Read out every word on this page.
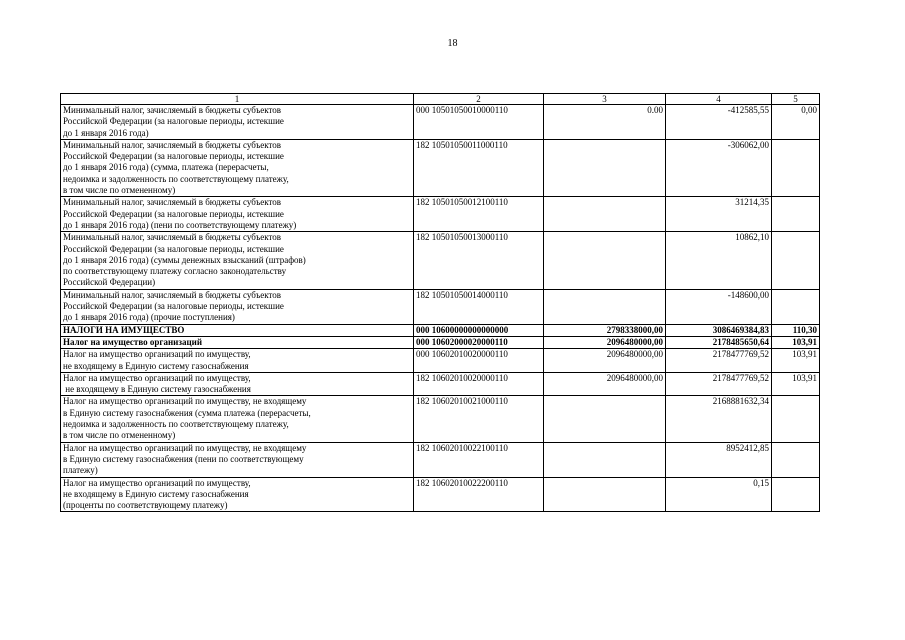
18
1	2	3	4	5
Минимальный налог, зачисляемый в бюджеты субъектов
Российской Федерации (за налоговые периоды, истекшие
до 1 января 2016 года)	000 10501050010000110	0.00	-412585,55	0,00
Минимальный налог, зачисляемый в бюджеты субъектов
Российской Федерации (за налоговые периоды, истекшие
до 1 января 2016 года) (сумма, платежа (перерасчеты,
недоимка и задолженность по соответствующему платежу,
в том числе по отмененному)	182 10501050011000110		-306062,00	
Минимальный налог, зачисляемый в бюджеты субъектов
Российской Федерации (за налоговые периоды, истекшие
до 1 января 2016 года) (пени по соответствующему платежу)	182 10501050012100110		31214,35	
Минимальный налог, зачисляемый в бюджеты субъектов
Российской Федерации (за налоговые периоды, истекшие
до 1 января 2016 года) (суммы денежных взысканий (штрафов)
по соответствующему платежу согласно законодательству
Российской Федерации)	182 10501050013000110		10862,10	
Минимальный налог, зачисляемый в бюджеты субъектов
Российской Федерации (за налоговые периоды, истекшие
до 1 января 2016 года) (прочие поступления)	182 10501050014000110		-148600,00	
НАЛОГИ НА ИМУЩЕСТВО	000 10600000000000000	2798338000,00	3086469384,83	110,30
Налог на имущество организаций	000 10602000020000110	2096480000,00	2178485650,64	103,91
Налог на имущество организаций по имуществу,
не входящему в Единую систему газоснабжения	000 10602010020000110	2096480000,00	2178477769,52	103,91
Налог на имущество организаций по имуществу,
не входящему в Единую систему газоснабжения	182 10602010020000110	2096480000,00	2178477769,52	103,91
Налог на имущество организаций по имуществу, не входящему
в Единую систему газоснабжения (сумма платежа (перерасчеты,
недоимка и задолженность по соответствующему платежу,
в том числе по отмененному)	182 10602010021000110		2168881632,34	
Налог на имущество организаций по имуществу, не входящему
в Единую систему газоснабжения (пени по соответствующему
платежу)	182 10602010022100110		8952412,85	
Налог на имущество организаций по имуществу,
не входящему в Единую систему газоснабжения
(проценты по соответствующему платежу)	182 10602010022200110		0,15	
